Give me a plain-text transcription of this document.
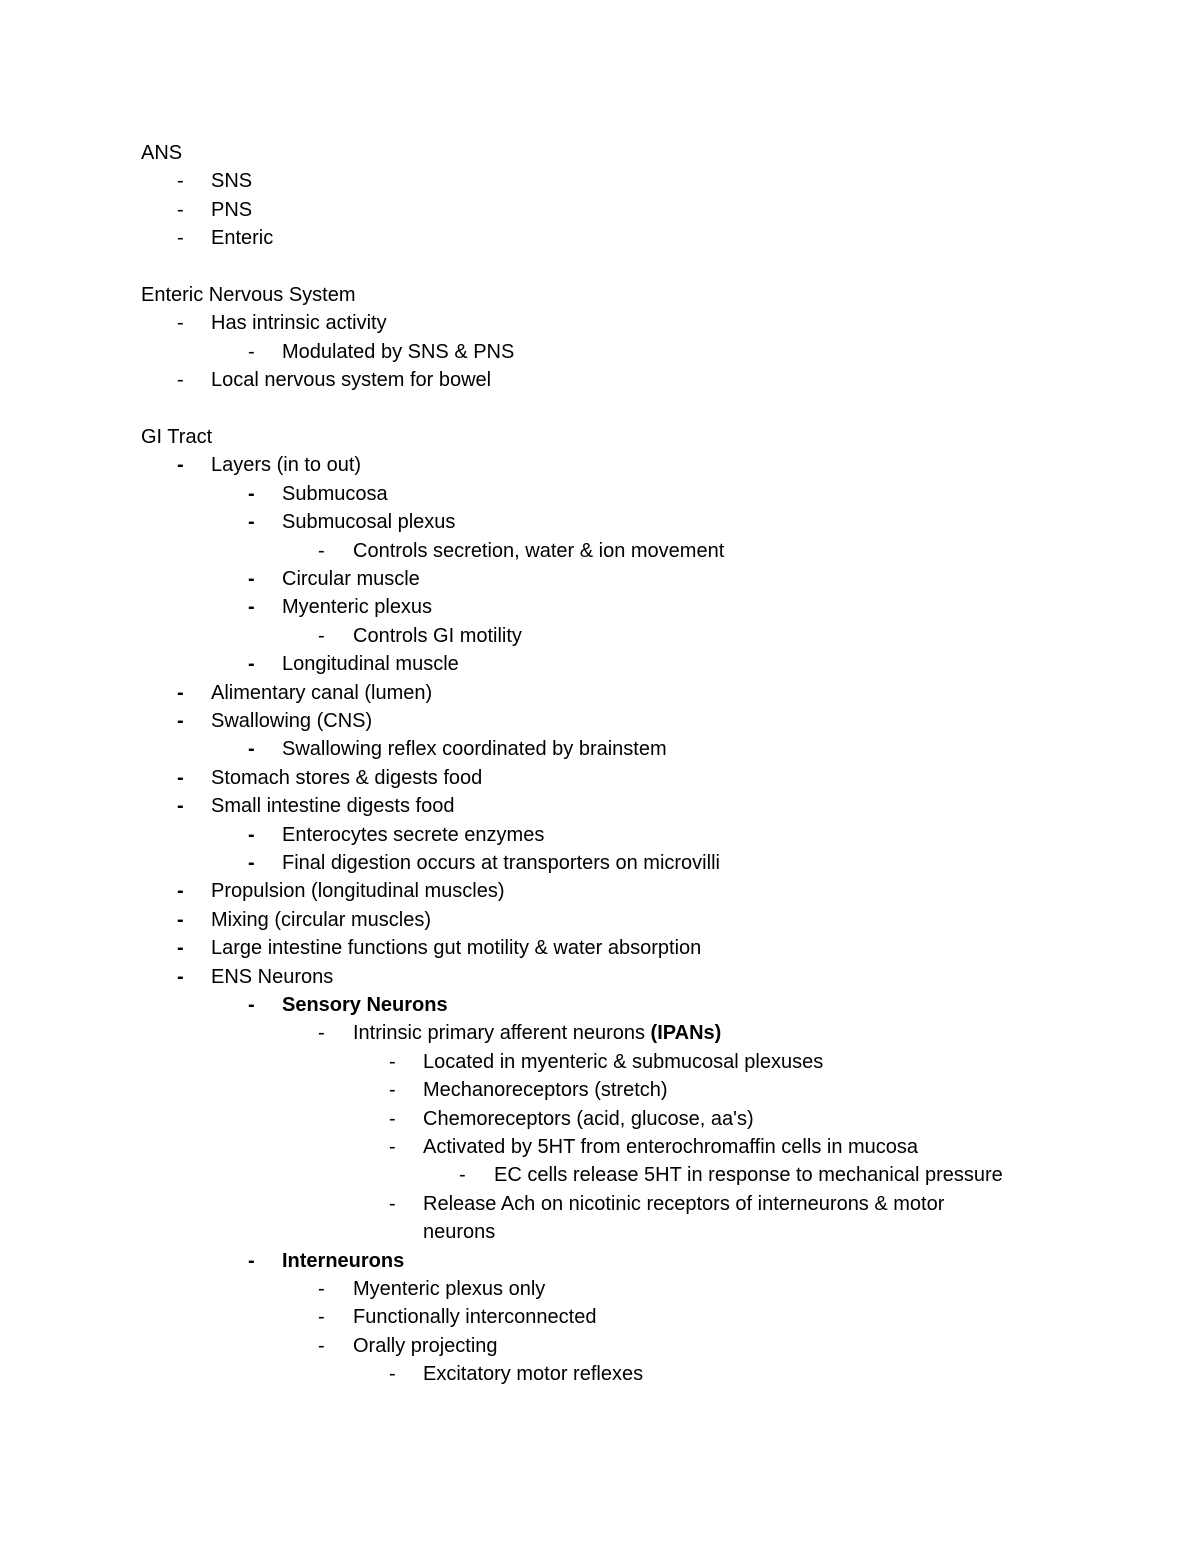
ANS
- SNS
- PNS
- Enteric
Enteric Nervous System
- Has intrinsic activity
- Modulated by SNS & PNS
- Local nervous system for bowel
GI Tract
- Layers (in to out)
- Submucosa
- Submucosal plexus
- Controls secretion, water & ion movement
- Circular muscle
- Myenteric plexus
- Controls GI motility
- Longitudinal muscle
- Alimentary canal (lumen)
- Swallowing (CNS)
- Swallowing reflex coordinated by brainstem
- Stomach stores & digests food
- Small intestine digests food
- Enterocytes secrete enzymes
- Final digestion occurs at transporters on microvilli
- Propulsion (longitudinal muscles)
- Mixing (circular muscles)
- Large intestine functions gut motility & water absorption
- ENS Neurons
- Sensory Neurons
- Intrinsic primary afferent neurons (IPANs)
- Located in myenteric & submucosal plexuses
- Mechanoreceptors (stretch)
- Chemoreceptors (acid, glucose, aa's)
- Activated by 5HT from enterochromaffin cells in mucosa
- EC cells release 5HT in response to mechanical pressure
- Release Ach on nicotinic receptors of interneurons & motor
neurons
- Interneurons
- Myenteric plexus only
- Functionally interconnected
- Orally projecting
- Excitatory motor reflexes
